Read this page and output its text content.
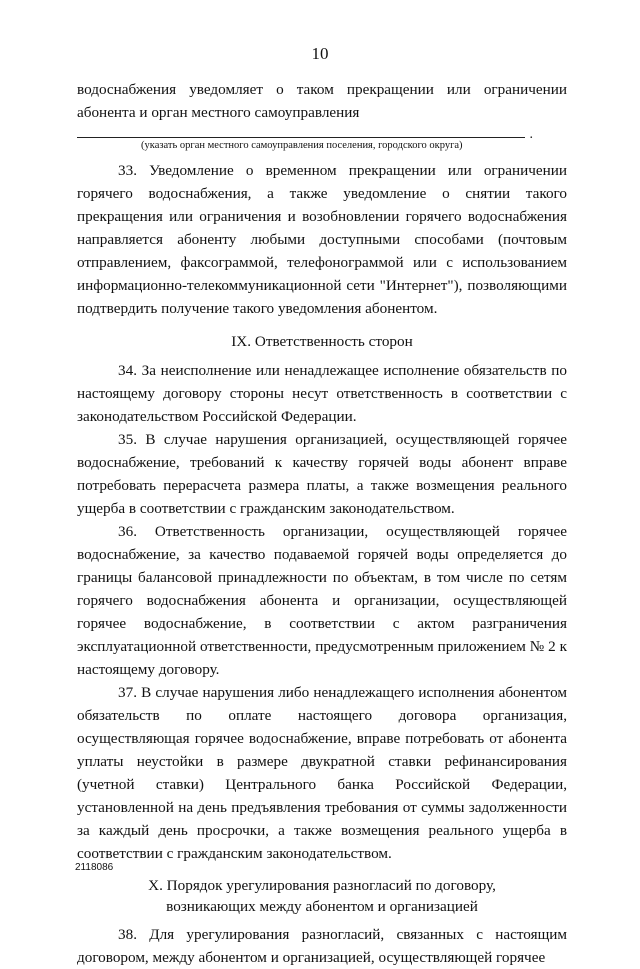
10

водоснабжения уведомляет о таком прекращении или ограничении абонента и орган местного самоуправления

.
(указать орган местного самоуправления поселения, городского округа)

33. Уведомление о временном прекращении или ограничении горячего водоснабжения, а также уведомление о снятии такого прекращения или ограничения и возобновлении горячего водоснабжения направляется абоненту любыми доступными способами (почтовым отправлением, факсограммой, телефонограммой или с использованием информационно-телекоммуникационной сети "Интернет"), позволяющими подтвердить получение такого уведомления абонентом.

IX. Ответственность сторон

34. За неисполнение или ненадлежащее исполнение обязательств по настоящему договору стороны несут ответственность в соответствии с законодательством Российской Федерации.

35. В случае нарушения организацией, осуществляющей горячее водоснабжение, требований к качеству горячей воды абонент вправе потребовать перерасчета размера платы, а также возмещения реального ущерба в соответствии с гражданским законодательством.

36. Ответственность организации, осуществляющей горячее водоснабжение, за качество подаваемой горячей воды определяется до границы балансовой принадлежности по объектам, в том числе по сетям горячего водоснабжения абонента и организации, осуществляющей горячее водоснабжение, в соответствии с актом разграничения эксплуатационной ответственности, предусмотренным приложением № 2 к настоящему договору.

37. В случае нарушения либо ненадлежащего исполнения абонентом обязательств по оплате настоящего договора организация, осуществляющая горячее водоснабжение, вправе потребовать от абонента уплаты неустойки в размере двукратной ставки рефинансирования (учетной ставки) Центрального банка Российской Федерации, установленной на день предъявления требования от суммы задолженности за каждый день просрочки, а также возмещения реального ущерба в соответствии с гражданским законодательством.

X. Порядок урегулирования разногласий по договору,
возникающих между абонентом и организацией

38. Для урегулирования разногласий, связанных с настоящим договором, между абонентом и организацией, осуществляющей горячее

2118086
